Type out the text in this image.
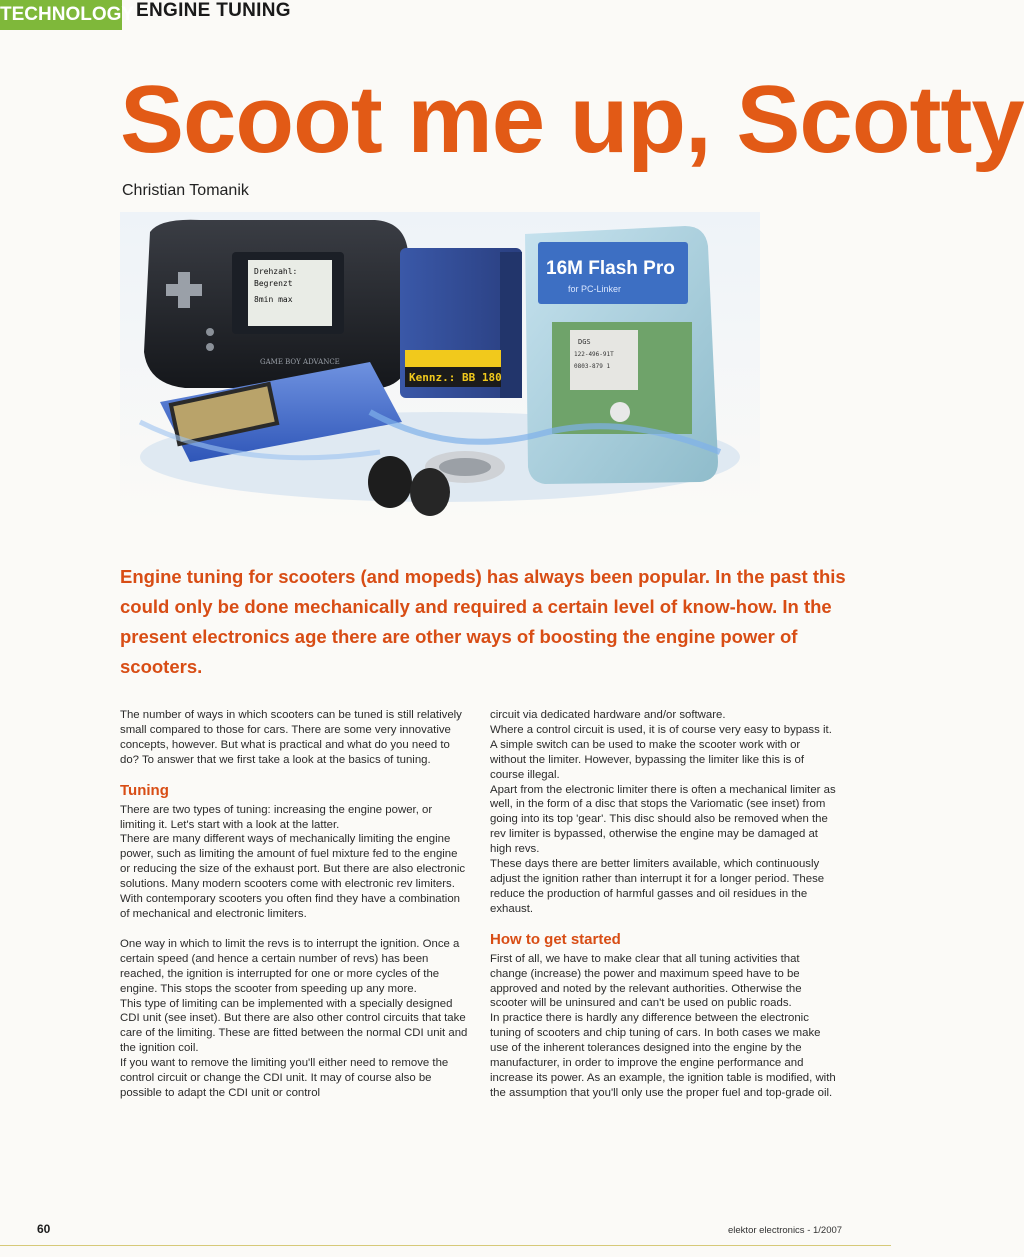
TECHNOLOGY ENGINE TUNING
Scoot me up, Scotty
Christian Tomanik
Drehzahl:
Begrenzt
8min max
GAME BOY ADVANCE
Kennz.: BB 180
16M Flash Pro
for PC-Linker
DGS
122-496-91T
0803-879 1
Engine tuning for scooters (and mopeds) has always been popular. In the past this could only be done mechanically and required a certain level of know-how. In the present electronics age there are other ways of boosting the engine power of scooters.

The number of ways in which scooters can be tuned is still relatively small compared to those for cars. There are some very innovative concepts, however. But what is practical and what do you need to do? To answer that we first take a look at the basics of tuning.

Tuning

There are two types of tuning: increasing the engine power, or limiting it. Let's start with a look at the latter.

There are many different ways of mechanically limiting the engine power, such as limiting the amount of fuel mixture fed to the engine or reducing the size of the exhaust port. But there are also electronic solutions. Many modern scooters come with electronic rev limiters. With contemporary scooters you often find they have a combination of mechanical and electronic limiters.

One way in which to limit the revs is to interrupt the ignition. Once a certain speed (and hence a certain number of revs) has been reached, the ignition is interrupted for one or more cycles of the engine. This stops the scooter from speeding up any more.

This type of limiting can be implemented with a specially designed CDI unit (see inset). But there are also other control circuits that take care of the limiting. These are fitted between the normal CDI unit and the ignition coil.

If you want to remove the limiting you'll either need to remove the control circuit or change the CDI unit. It may of course also be possible to adapt the CDI unit or control

circuit via dedicated hardware and/or software.

Where a control circuit is used, it is of course very easy to bypass it. A simple switch can be used to make the scooter work with or without the limiter. However, bypassing the limiter like this is of course illegal.

Apart from the electronic limiter there is often a mechanical limiter as well, in the form of a disc that stops the Variomatic (see inset) from going into its top 'gear'. This disc should also be removed when the rev limiter is bypassed, otherwise the engine may be damaged at high revs.

These days there are better limiters available, which continuously adjust the ignition rather than interrupt it for a longer period. These reduce the production of harmful gasses and oil residues in the exhaust.

How to get started

First of all, we have to make clear that all tuning activities that change (increase) the power and maximum speed have to be approved and noted by the relevant authorities. Otherwise the scooter will be uninsured and can't be used on public roads.

In practice there is hardly any difference between the electronic tuning of scooters and chip tuning of cars. In both cases we make use of the inherent tolerances designed into the engine by the manufacturer, in order to improve the engine performance and increase its power. As an example, the ignition table is modified, with the assumption that you'll only use the proper fuel and top-grade oil.

60	elektor electronics - 1/2007
